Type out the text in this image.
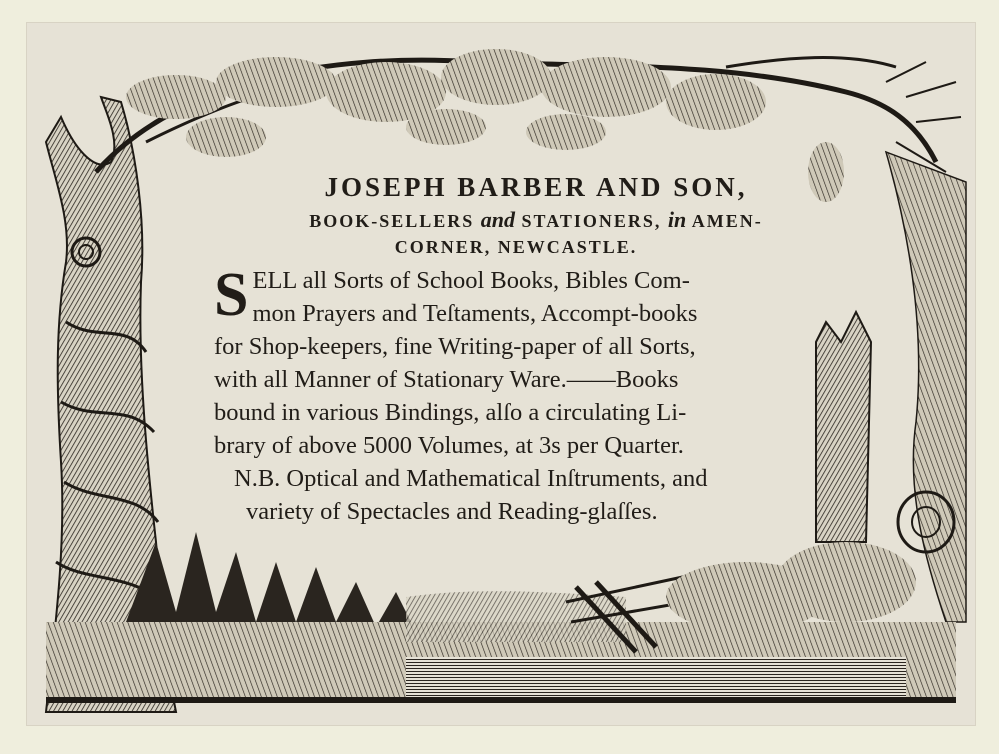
JOSEPH BARBER AND SON,
BOOK-SELLERS and STATIONERS, in AMEN-
CORNER, NEWCASTLE.
S ELL all Sorts of School Books, Bibles Com-
mon Prayers and Teſtaments, Accompt-books
for Shop-keepers, fine Writing-paper of all Sorts,
with all Manner of Stationary Ware.——Books
bound in various Bindings, alſo a circulating Li-
brary of above 5000 Volumes, at 3s per Quarter.
N.B. Optical and Mathematical Inſtruments, and
variety of Spectacles and Reading-glaſſes.
